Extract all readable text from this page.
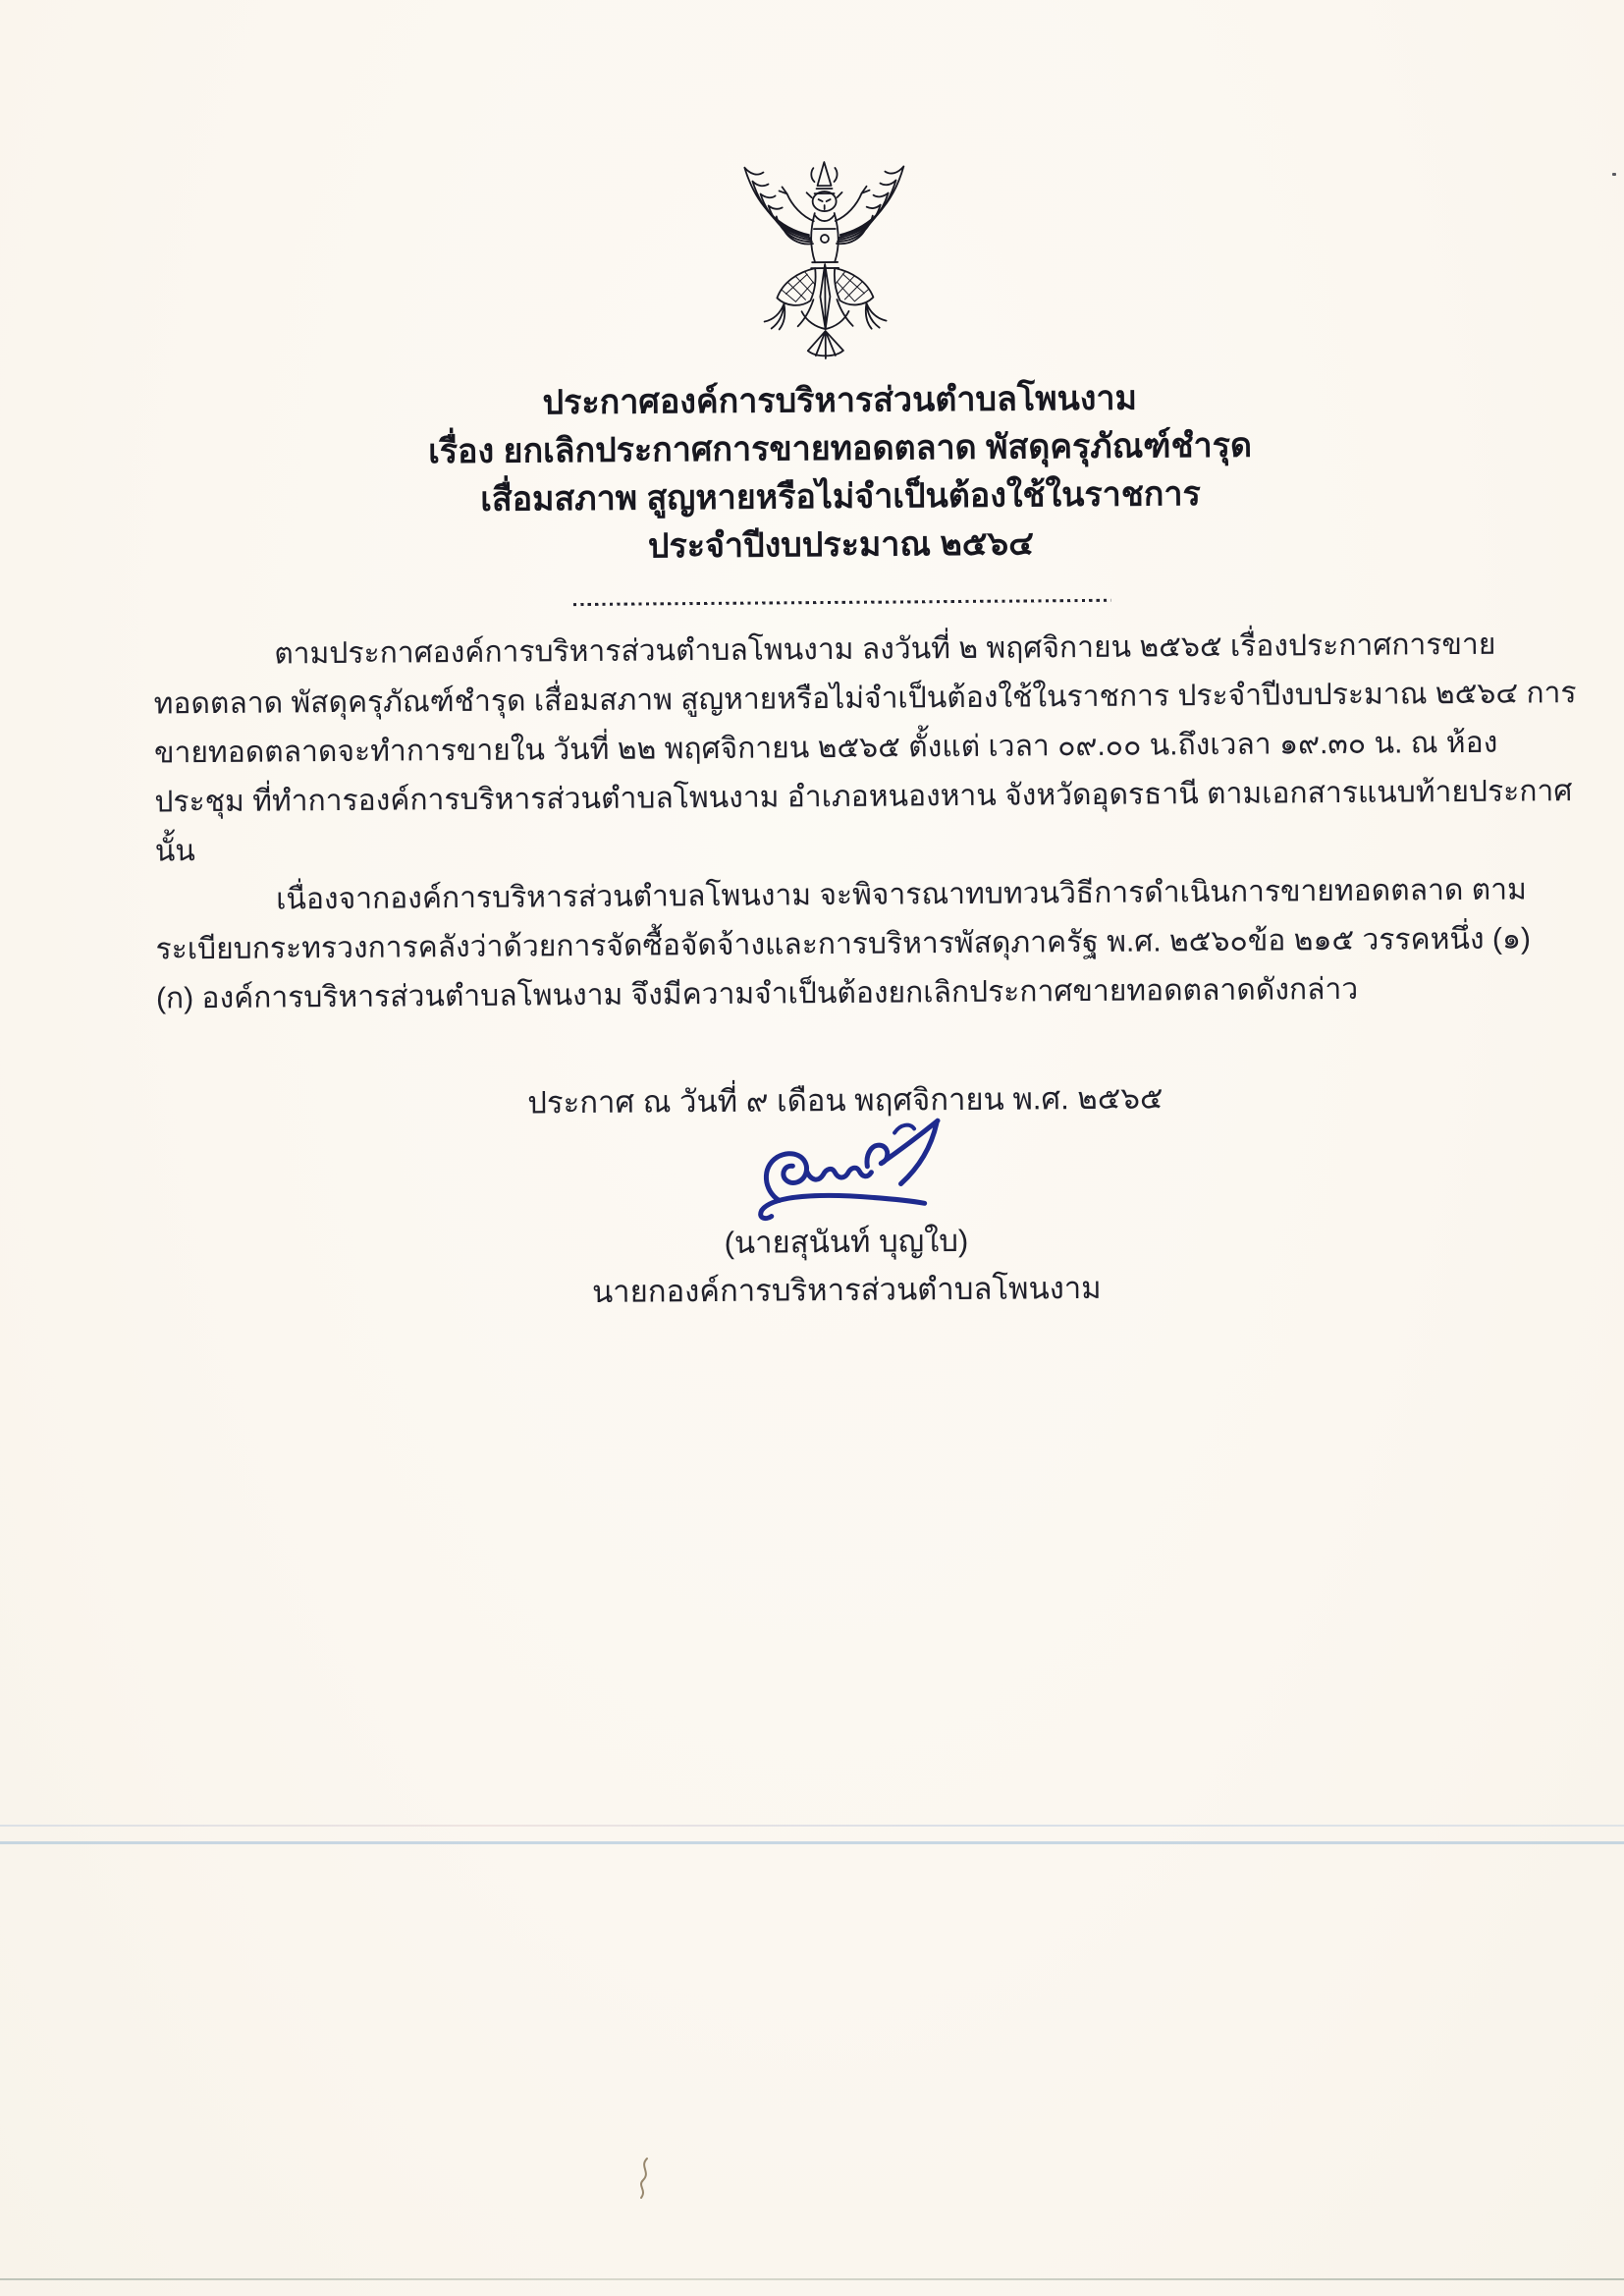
ประกาศองค์การบริหารส่วนตำบลโพนงาม
เรื่อง ยกเลิกประกาศการขายทอดตลาด พัสดุครุภัณฑ์ชำรุด
เสื่อมสภาพ สูญหายหรือไม่จำเป็นต้องใช้ในราชการ
ประจำปีงบประมาณ ๒๕๖๔
ตามประกาศองค์การบริหารส่วนตำบลโพนงาม ลงวันที่ ๒ พฤศจิกายน ๒๕๖๕ เรื่องประกาศการขาย
ทอดตลาด พัสดุครุภัณฑ์ชำรุด เสื่อมสภาพ สูญหายหรือไม่จำเป็นต้องใช้ในราชการ ประจำปีงบประมาณ ๒๕๖๔ การ
ขายทอดตลาดจะทำการขายใน วันที่ ๒๒ พฤศจิกายน ๒๕๖๕ ตั้งแต่ เวลา ๐๙.๐๐ น.ถึงเวลา ๑๙.๓๐ น. ณ ห้อง
ประชุม ที่ทำการองค์การบริหารส่วนตำบลโพนงาม อำเภอหนองหาน จังหวัดอุดรธานี ตามเอกสารแนบท้ายประกาศ
นั้น
เนื่องจากองค์การบริหารส่วนตำบลโพนงาม จะพิจารณาทบทวนวิธีการดำเนินการขายทอดตลาด ตาม
ระเบียบกระทรวงการคลังว่าด้วยการจัดซื้อจัดจ้างและการบริหารพัสดุภาครัฐ พ.ศ. ๒๕๖๐ข้อ ๒๑๕ วรรคหนึ่ง (๑)
(ก) องค์การบริหารส่วนตำบลโพนงาม จึงมีความจำเป็นต้องยกเลิกประกาศขายทอดตลาดดังกล่าว
ประกาศ ณ วันที่ ๙ เดือน พฤศจิกายน พ.ศ. ๒๕๖๕
(นายสุนันท์ บุญใบ)
นายกองค์การบริหารส่วนตำบลโพนงาม
